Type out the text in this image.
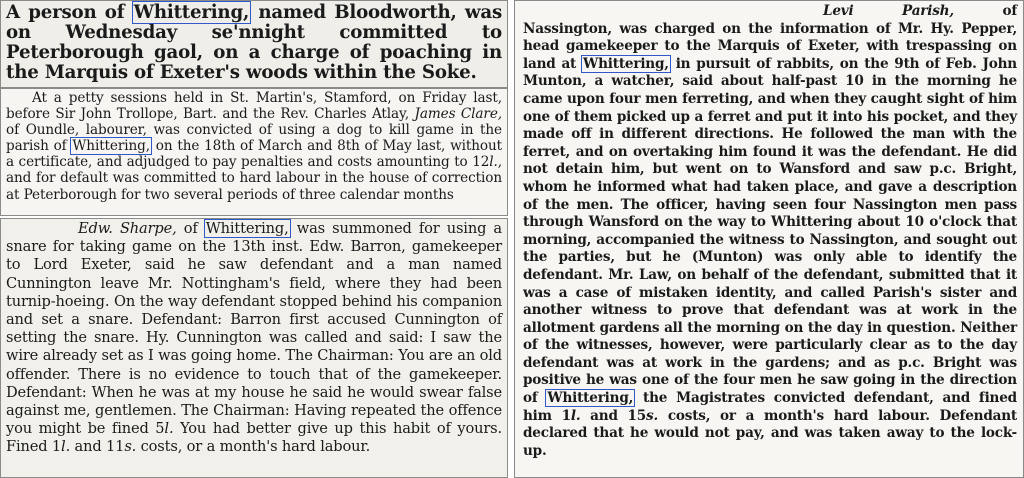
A person of Whittering, named Bloodworth, was on Wednesday se'nnight committed to Peterborough gaol, on a charge of poaching in the Marquis of Exeter's woods within the Soke.

At a petty sessions held in St. Martin's, Stamford, on Friday last, before Sir John Trollope, Bart. and the Rev. Charles Atlay, James Clare, of Oundle, labourer, was convicted of using a dog to kill game in the parish of Whittering, on the 18th of March and 8th of May last, without a certificate, and adjudged to pay penalties and costs amounting to 12l., and for default was committed to hard labour in the house of correction at Peterborough for two several periods of three calendar months

Edw. Sharpe, of Whittering, was summoned for using a snare for taking game on the 13th inst. Edw. Barron, gamekeeper to Lord Exeter, said he saw defendant and a man named Cunnington leave Mr. Nottingham's field, where they had been turnip-hoeing. On the way defendant stopped behind his companion and set a snare. Defendant: Barron first accused Cunnington of setting the snare. Hy. Cunnington was called and said: I saw the wire already set as I was going home. The Chairman: You are an old offender. There is no evidence to touch that of the gamekeeper. Defendant: When he was at my house he said he would swear false against me, gentlemen. The Chairman: Having repeated the offence you might be fined 5l. You had better give up this habit of yours. Fined 1l. and 11s. costs, or a month's hard labour.

Levi Parish, of Nassington, was charged on the information of Mr. Hy. Pepper, head gamekeeper to the Marquis of Exeter, with trespassing on land at Whittering, in pursuit of rabbits, on the 9th of Feb. John Munton, a watcher, said about half-past 10 in the morning he came upon four men ferreting, and when they caught sight of him one of them picked up a ferret and put it into his pocket, and they made off in different directions. He followed the man with the ferret, and on overtaking him found it was the defendant. He did not detain him, but went on to Wansford and saw p.c. Bright, whom he informed what had taken place, and gave a description of the men. The officer, having seen four Nassington men pass through Wansford on the way to Whittering about 10 o'clock that morning, accompanied the witness to Nassington, and sought out the parties, but he (Munton) was only able to identify the defendant. Mr. Law, on behalf of the defendant, submitted that it was a case of mistaken identity, and called Parish's sister and another witness to prove that defendant was at work in the allotment gardens all the morning on the day in question. Neither of the witnesses, however, were particularly clear as to the day defendant was at work in the gardens; and as p.c. Bright was positive he was one of the four men he saw going in the direction of Whittering, the Magistrates convicted defendant, and fined him 1l. and 15s. costs, or a month's hard labour. Defendant declared that he would not pay, and was taken away to the lock-up.
